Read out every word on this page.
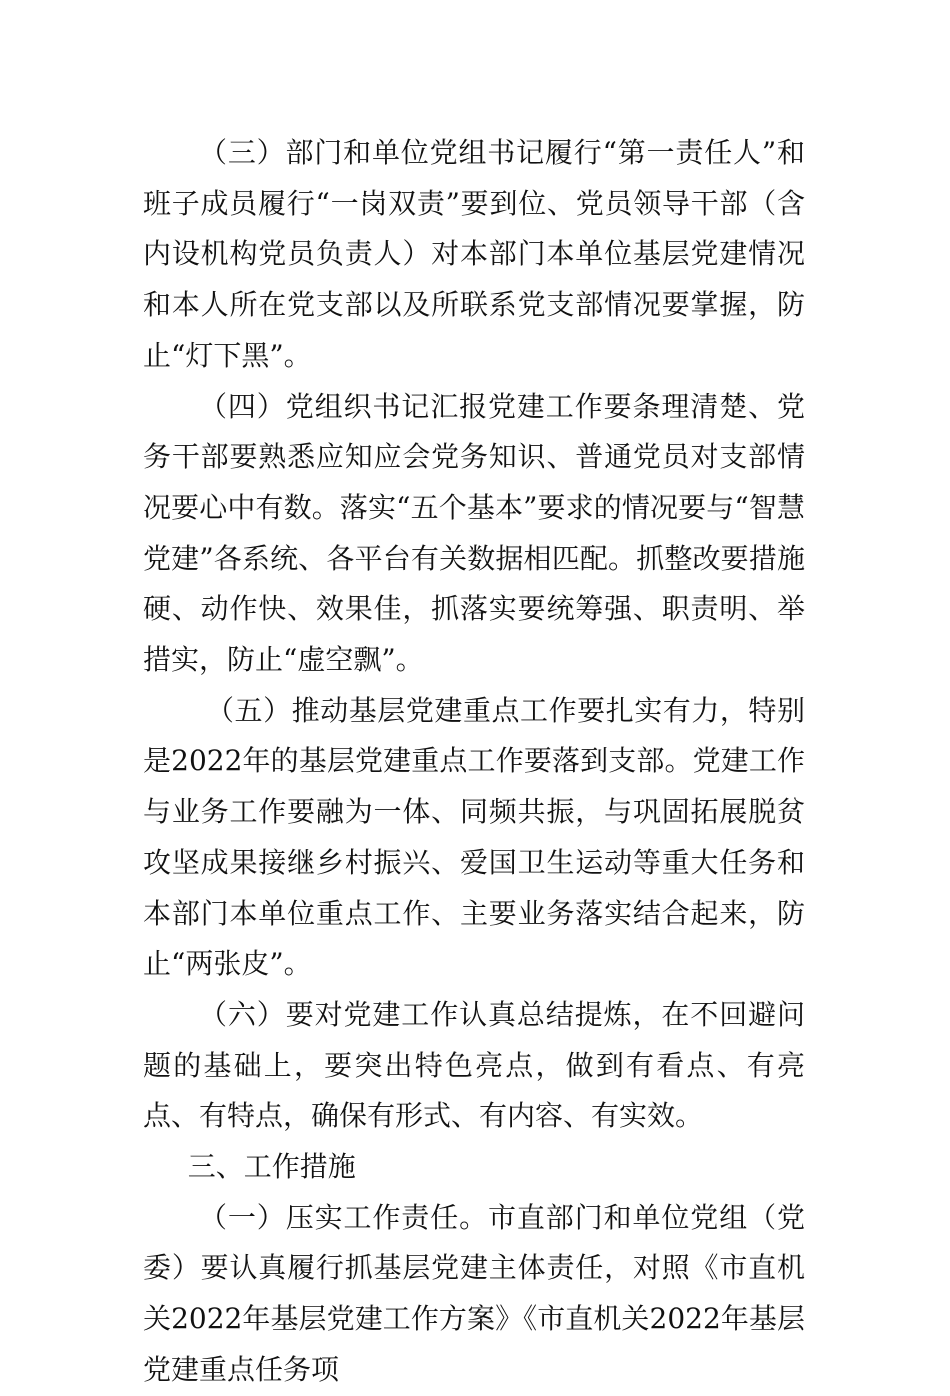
（三）部门和单位党组书记履行“第一责任人”和班子成员履行“一岗双责”要到位、党员领导干部（含内设机构党员负责人）对本部门本单位基层党建情况和本人所在党支部以及所联系党支部情况要掌握，防止“灯下黑”。

（四）党组织书记汇报党建工作要条理清楚、党务干部要熟悉应知应会党务知识、普通党员对支部情况要心中有数。落实“五个基本”要求的情况要与“智慧党建”各系统、各平台有关数据相匹配。抓整改要措施硬、动作快、效果佳，抓落实要统筹强、职责明、举措实，防止“虚空飘”。

（五）推动基层党建重点工作要扎实有力，特别是2022年的基层党建重点工作要落到支部。党建工作与业务工作要融为一体、同频共振，与巩固拓展脱贫攻坚成果接继乡村振兴、爱国卫生运动等重大任务和本部门本单位重点工作、主要业务落实结合起来，防止“两张皮”。

（六）要对党建工作认真总结提炼，在不回避问题的基础上，要突出特色亮点，做到有看点、有亮点、有特点，确保有形式、有内容、有实效。

三、工作措施

（一）压实工作责任。市直部门和单位党组（党委）要认真履行抓基层党建主体责任，对照《市直机关2022年基层党建工作方案》《市直机关2022年基层党建重点任务项
